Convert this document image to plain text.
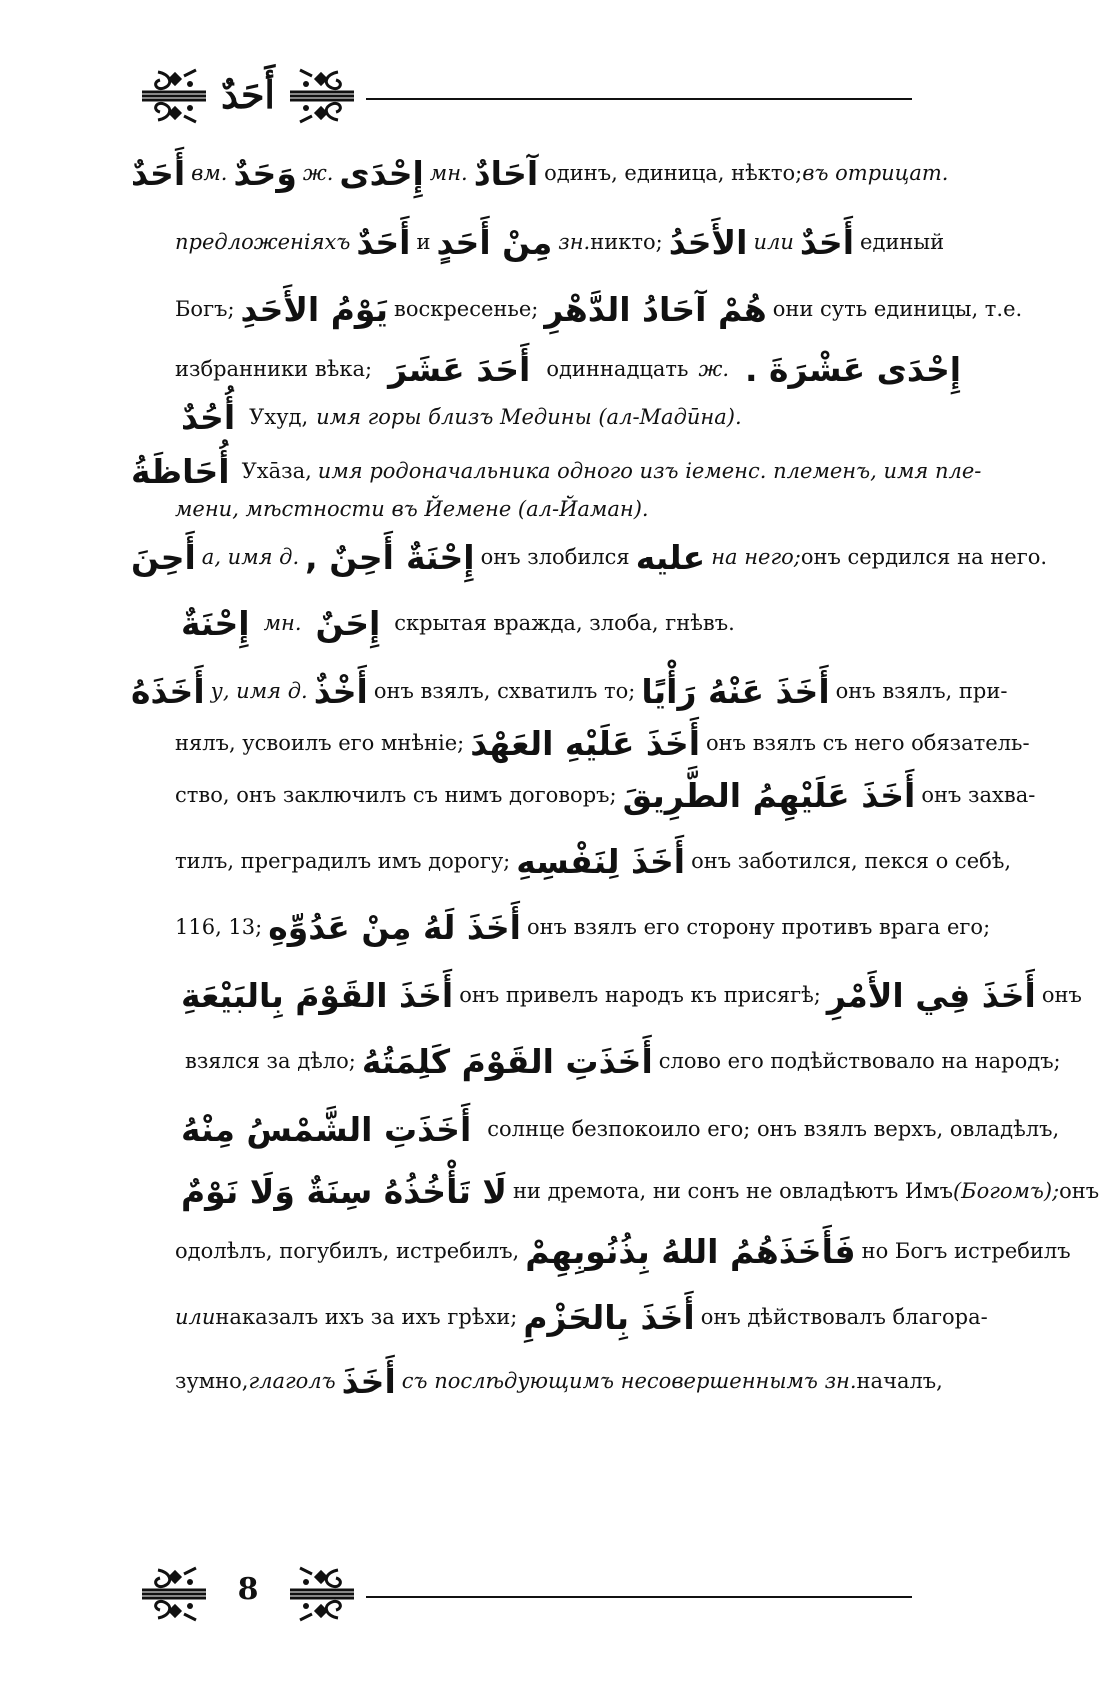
أَحَدٌ
أَحَدٌ вм. وَحَدٌ ж. إِحْدَى мн. آحَادٌ одинъ, единица, нѣкто; въ отрицат.
предложеніяхъ أَحَدٌ и مِنْ أَحَدٍ зн. никто; الأَحَدُ или أَحَدٌ единый
Богъ; يَوْمُ الأَحَدِ воскресенье; هُمْ آحَادُ الدَّهْرِ они суть единицы, т.е.
избранники вѣка; أَحَدَ عَشَرَ одиннадцать ж. إِحْدَى عَشْرَةَ .
أُحُدٌ Ухуд, имя горы близъ Медины (ал-Мадӣна).
أُحَاظَةُ Ухāза, имя родоначальника одного изъ іеменс. племенъ, имя пле-
мени, мѣстности въ Йемене (ал-Йаман).
أَحِنَ а, имя д. أَحِنٌ , إِحْنَةٌ онъ злобился عليه на него; онъ сердился на него.
إِحْنَةٌ мн. إِحَنٌ скрытая вражда, злоба, гнѣвъ.
أَخَذَهُ у, имя д. أَخْذٌ онъ взялъ, схватилъ то; أَخَذَ عَنْهُ رَأْيًا онъ взялъ, при-
нялъ, усвоилъ его мнѣніе; أَخَذَ عَلَيْهِ العَهْدَ онъ взялъ съ него обязатель-
ство, онъ заключилъ съ нимъ договоръ; أَخَذَ عَلَيْهِمُ الطَّرِيقَ онъ захва-
тилъ, преградилъ имъ дорогу; أَخَذَ لِنَفْسِهِ онъ заботился, пекся о себѣ,
116, 13; أَخَذَ لَهُ مِنْ عَدُوِّهِ онъ взялъ его сторону противъ врага его;
أَخَذَ القَوْمَ بِالبَيْعَةِ онъ привелъ народъ къ присягѣ; أَخَذَ فِي الأَمْرِ онъ
взялся за дѣло; أَخَذَتِ القَوْمَ كَلِمَتُهُ слово его подѣйствовало на народъ;
أَخَذَتِ الشَّمْسُ مِنْهُ солнце безпокоило его; онъ взялъ верхъ, овладѣлъ,
لَا تَأْخُذُهُ سِنَةٌ وَلَا نَوْمٌ ни дремота, ни сонъ не овладѣютъ Имъ (Богомъ); онъ
одолѣлъ, погубилъ, истребилъ, فَأَخَذَهُمُ اللهُ بِذُنُوبِهِمْ но Богъ истребилъ
или наказалъ ихъ за ихъ грѣхи; أَخَذَ بِالحَزْمِ онъ дѣйствовалъ благора-
зумно, глаголъ أَخَذَ съ послѣдующимъ несовершеннымъ зн. началъ,
8
